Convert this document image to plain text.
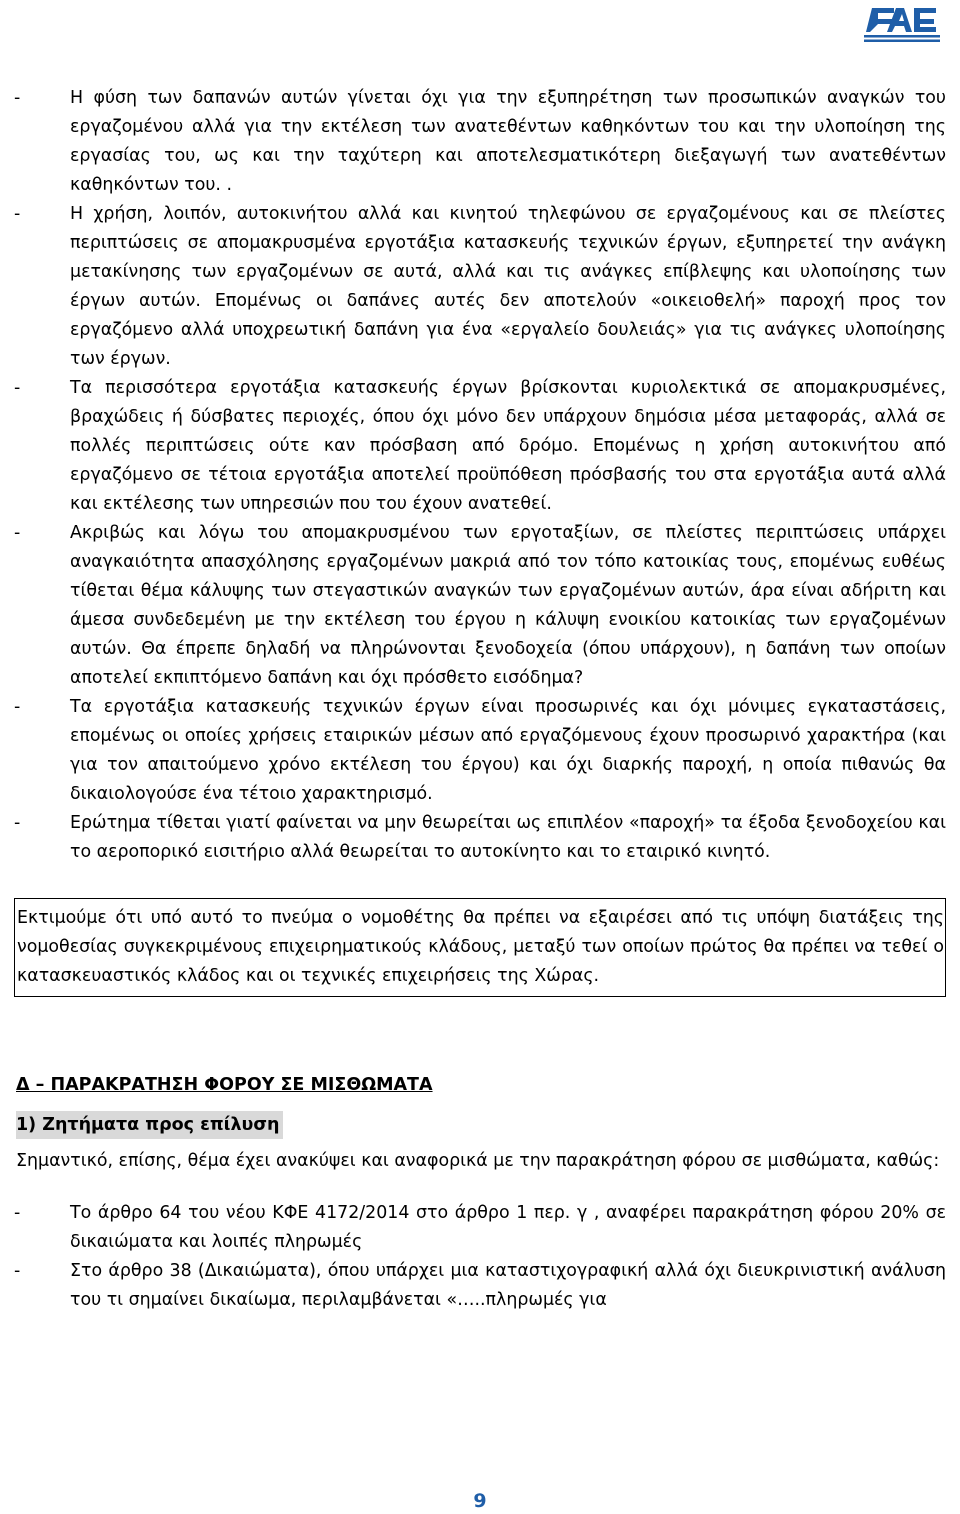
-	Η φύση των δαπανών αυτών γίνεται όχι για την εξυπηρέτηση των προσωπικών αναγκών του εργαζομένου αλλά για την εκτέλεση των ανατεθέντων καθηκόντων του και την υλοποίηση της εργασίας του, ως και την ταχύτερη και αποτελεσματικότερη διεξαγωγή των ανατεθέντων καθηκόντων του. .
-	Η χρήση, λοιπόν, αυτοκινήτου αλλά και κινητού τηλεφώνου σε εργαζομένους και σε πλείστες περιπτώσεις σε απομακρυσμένα εργοτάξια κατασκευής τεχνικών έργων, εξυπηρετεί την ανάγκη μετακίνησης των εργαζομένων σε αυτά, αλλά και τις ανάγκες επίβλεψης και υλοποίησης των έργων αυτών. Επομένως οι δαπάνες αυτές δεν αποτελούν «οικειοθελή» παροχή προς τον εργαζόμενο αλλά υποχρεωτική δαπάνη για ένα «εργαλείο δουλειάς» για τις ανάγκες υλοποίησης των έργων.
-	Τα περισσότερα εργοτάξια κατασκευής έργων βρίσκονται κυριολεκτικά σε απομακρυσμένες, βραχώδεις ή δύσβατες περιοχές, όπου όχι μόνο δεν υπάρχουν δημόσια μέσα μεταφοράς, αλλά σε πολλές περιπτώσεις ούτε καν πρόσβαση από δρόμο. Επομένως η χρήση αυτοκινήτου από εργαζόμενο σε τέτοια εργοτάξια αποτελεί προϋπόθεση πρόσβασής του στα εργοτάξια αυτά αλλά και εκτέλεσης των υπηρεσιών που του έχουν ανατεθεί.
-	Ακριβώς και λόγω του απομακρυσμένου των εργοταξίων, σε πλείστες περιπτώσεις υπάρχει αναγκαιότητα απασχόλησης εργαζομένων μακριά από τον τόπο κατοικίας τους, επομένως ευθέως τίθεται θέμα κάλυψης των στεγαστικών αναγκών των εργαζομένων αυτών, άρα είναι αδήριτη και άμεσα συνδεδεμένη με την εκτέλεση του έργου η κάλυψη ενοικίου κατοικίας των εργαζομένων αυτών. Θα έπρεπε δηλαδή να πληρώνονται ξενοδοχεία (όπου υπάρχουν), η δαπάνη των οποίων αποτελεί εκπιπτόμενο δαπάνη και όχι πρόσθετο εισόδημα?
-	Τα εργοτάξια κατασκευής τεχνικών έργων είναι προσωρινές και όχι μόνιμες εγκαταστάσεις, επομένως οι οποίες χρήσεις εταιρικών μέσων από εργαζόμενους έχουν προσωρινό χαρακτήρα (και για τον απαιτούμενο χρόνο εκτέλεση του έργου) και όχι διαρκής παροχή, η οποία πιθανώς θα δικαιολογούσε ένα τέτοιο χαρακτηρισμό.
-	Ερώτημα τίθεται γιατί φαίνεται να μην θεωρείται ως επιπλέον «παροχή» τα έξοδα ξενοδοχείου και το αεροπορικό εισιτήριο αλλά θεωρείται το αυτοκίνητο και το εταιρικό κινητό.
Εκτιμούμε ότι υπό αυτό το πνεύμα ο νομοθέτης θα πρέπει να εξαιρέσει από τις υπόψη διατάξεις της νομοθεσίας συγκεκριμένους επιχειρηματικούς κλάδους, μεταξύ των οποίων πρώτος θα πρέπει να τεθεί ο κατασκευαστικός κλάδος και οι τεχνικές επιχειρήσεις της Χώρας.
Δ – ΠΑΡΑΚΡΑΤΗΣΗ ΦΟΡΟΥ ΣΕ ΜΙΣΘΩΜΑΤΑ
1) Ζητήματα προς επίλυση
Σημαντικό, επίσης, θέμα έχει ανακύψει και αναφορικά με την παρακράτηση φόρου σε μισθώματα, καθώς:
-	Το άρθρο 64 του νέου ΚΦΕ 4172/2014 στο άρθρο 1 περ. γ , αναφέρει παρακράτηση φόρου 20% σε δικαιώματα και λοιπές πληρωμές
-	Στο άρθρο 38 (Δικαιώματα), όπου υπάρχει μια καταστιχογραφική αλλά όχι διευκρινιστική ανάλυση του τι σημαίνει δικαίωμα, περιλαμβάνεται «…..πληρωμές για
9
